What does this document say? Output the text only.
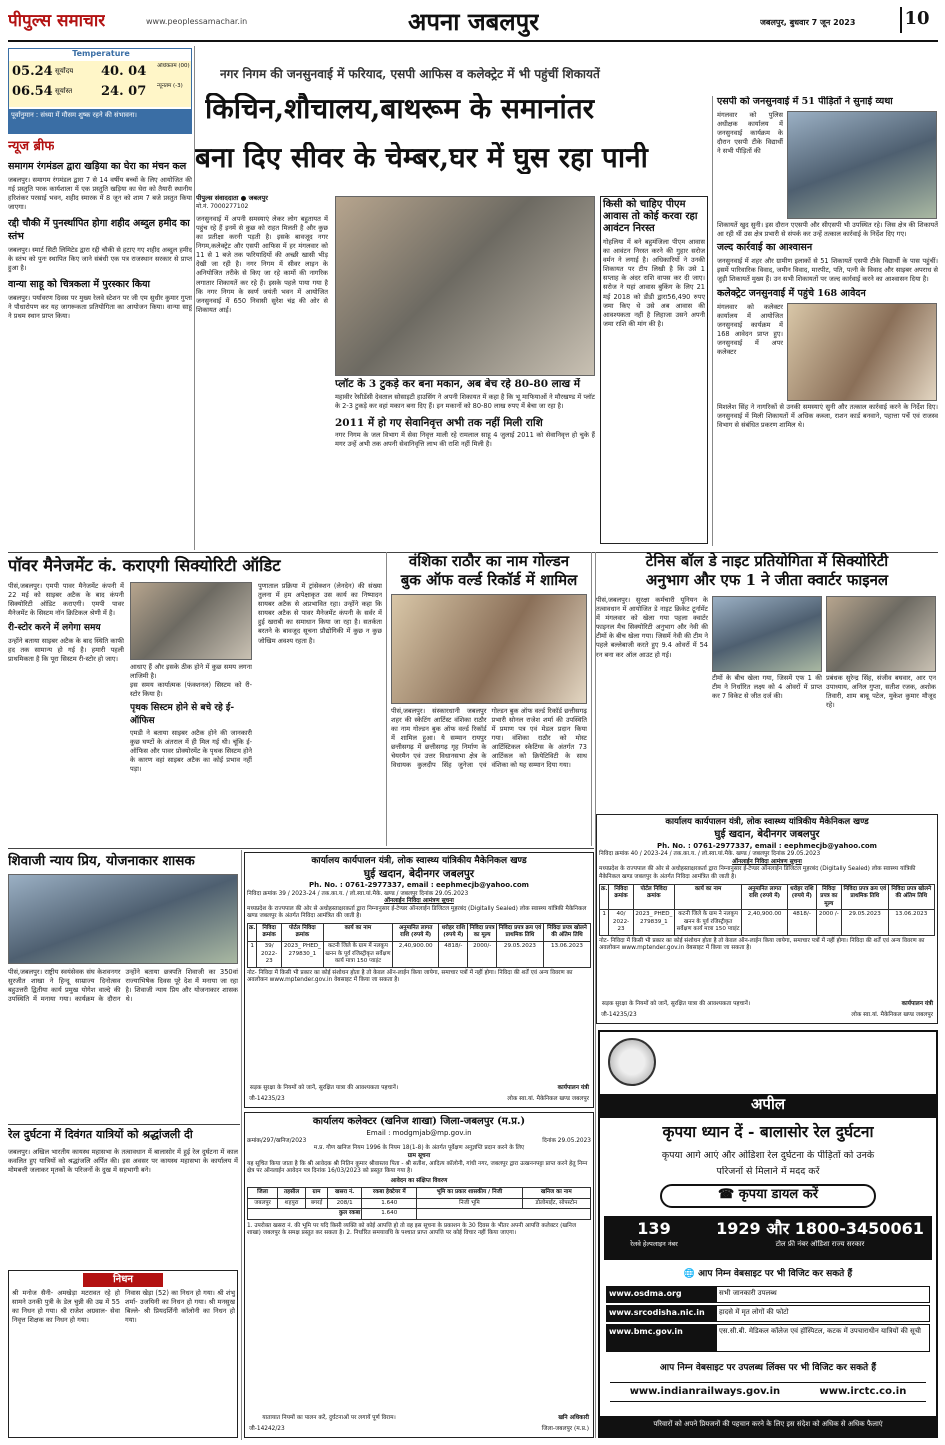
पीपुल्स समाचार	www.peoplessamachar.in	अपना जबलपुर	जबलपुर, बुधवार 7 जून 2023	10
Temperature
05.24 सूर्योदय
06.54 सूर्यास्त
40. 04 अधिकतम (00)
24. 07 न्यूनतम (-3)
पूर्वानुमान : संध्या में मौसम शुष्क रहने की संभावना।
न्यूज ब्रीफ
समागम रंगमंडल द्वारा खड़िया का घेरा का मंचन कल
जबलपुर। समागम रंगमंडल द्वारा 7 से 14 वर्षीय बच्चों के लिए आयोजित की गई प्रस्तुति परक कार्यशाला में एक प्रस्तुति खड़िया का घेरा को तैयारी स्थानीय हरिशंकर परसाई भवन, शहीद स्मारक में 8 जून को शाम 7 बजे प्रस्तुत किया जाएगा।
रद्दी चौकी में पुनर्स्थापित होगा शहीद अब्दुल हमीद का स्तंभ
जबलपुर। स्मार्ट सिटी लिमिटेड द्वारा रद्दी चौकी से हटाए गए शहीद अब्दुल हमीद के स्तंभ को पुनः स्थापित किए जाने संबंधी एक पत्र राजस्थान सरकार से प्राप्त हुआ है।
वान्या साहू को चित्रकला में पुरस्कार किया
जबलपुर। पर्यावरण दिवस पर मुख्य रेलवे स्टेशन पर जी एम सुधीर कुमार गुप्ता ने पौधारोपण कर यह जागरूकता प्रतियोगिता का आयोजन किया। वान्या साहू ने प्रथम स्थान प्राप्त किया।
नगर निगम की जनसुनवाई में फरियाद, एसपी आफिस व कलेक्ट्रेट में भी पहुंचीं शिकायतें
किचिन,शौचालय,बाथरूम के समानांतर
बना दिए सीवर के चेम्बर,घर में घुस रहा पानी
पीपुल्स संवाददाता ● जबलपुर
मो.नं. 7000277102
जनसुनवाई में अपनी समस्याएं लेकर लोग बहुतायत में पहुंच रहे हैं इनमें से कुछ को राहत मिलती है और कुछ का प्रतीक्षा करनी पड़ती है। इसके बावजूद नगर निगम,कलेक्ट्रेट और एसपी आफिस में हर मंगलवार को 11 से 1 बजे तक फरियादियों की अच्छी खासी भीड़ देखी जा रही है। नगर निगम में सीवर लाइन के अनियोजित तरीके से किए जा रहे कामों की नागरिक लगातार शिकायतें कर रहे हैं। इसके पहले पाया गया है कि नगर निगम के स्वर्ण जयंती भवन में आयोजित जनसुनवाई में 650 निवासी सुरेश चंद्र की ओर से शिकायत आई।
किसी को चाहिए पीएम आवास तो कोई करवा रहा आवंटन निरस्त
गोहलिया में बने बहुमंजिला पीएम आवास का आवंटन निरस्त करने की गुहार सरोज वर्मन ने लगाई है। अधिकारियों ने उनकी शिकायत पर टीप लिखी है कि उसे 1 सप्ताह के अंदर राशि वापस कर दी जाए। सरोज ने यहां आवास बुकिंग के लिए 21 मई 2018 को डीडी द्वारा56,490 रुपए जमा किए थे उसे अब आवास की आवश्यकता नहीं है लिहाजा उसने अपनी जमा राशि की मांग की है।
प्लॉट के 3 टुकड़े कर बना मकान, अब बेच रहे 80-80 लाख में
महावीर रेसीडेंसी देवताल सोसाइटी हाउसिंग ने अपनी शिकायत में कहा है कि भू माफियाओं ने मौरखण्ड में प्लॉट के 2-3 टुकड़े कर वहां मकान बना दिए हैं। इन मकानों को 80-80 लाख रुपए में बेचा जा रहा है।
2011 में हो गए सेवानिवृत्त अभी तक नहीं मिली राशि
नगर निगम के जल विभाग में सेवा निवृत्त माली रहे रामलाल साहू 4 जुलाई 2011 को सेवानिवृत्त हो चुके हैं मगर उन्हें अभी तक अपनी सेवानिवृत्ति लाभ की राशि नहीं मिली है।
एसपी को जनसुनवाई में 51 पीड़ितों ने सुनाई व्यथा
मंगलवार को पुलिस अधीक्षक कार्यालय में जनसुनवाई कार्यक्रम के दौरान एसपी टीके विद्यार्थी ने सभी पीड़ितों की
शिकायतें खुद सुनी। इस दौरान एएसपी और सीएसपी भी उपस्थित रहे। जिस क्षेत्र की शिकायतें आ रही थीं उस क्षेत्र प्रभारी से संपर्क कर उन्हें तत्काल कार्रवाई के निर्देश दिए गए।
जल्द कार्रवाई का आश्वासन
जनसुनवाई में शहर और ग्रामीण इलाकों से 51 शिकायतें एसपी टीके विद्यार्थी के पास पहुंचीं। इसमें पारिवारिक विवाद, जमीन विवाद, मारपीट, पति, पत्नी के विवाद और साइबर अपराध से जुड़ी शिकायतें मुख्य हैं। उन सभी शिकायतों पर जल्द कार्रवाई करने का आश्वासन दिया है।
कलेक्ट्रेट जनसुनवाई में पहुंचे 168 आवेदन
मंगलवार को कलेक्टर कार्यालय में आयोजित जनसुनवाई कार्यक्रम में 168 आवेदन प्राप्त हुए। जनसुनवाई में अपर कलेक्टर
मिशलेश सिंह ने नागरिकों से उनकी समस्याएं सुनी और तत्काल कार्रवाई करने के निर्देश दिए। जनसुनवाई में मिली शिकायतों में अधिक कब्जा, राशन कार्ड बनवाने, पहात्ता पर्चे एवं राजस्व विभाग से संबंधित प्रकरण शामिल थे।
पॉवर मैनेजमेंट कं. कराएगी सिक्योरिटी ऑडिट
पीसं,जबलपुर। एमपी पावर मैनेजमेंट कंपनी में 22 मई को साइबर अटैक के बाद कंपनी सिक्योरिटी ऑडिट कराएगी। एमपी पावर मैनेजमेंट के सिस्टम नॉन क्रिटिकल श्रेणी में है।
री-स्टोर करने में लगेगा समय
उन्होंने बताया साइबर अटैक के बाद स्थिति काफी हद तक सामान्य हो गई है। हमारी पहली प्राथमिकता है कि पूरा सिस्टम री-स्टोर हो जाए।
आधाए हैं और इसके ठीक होने में कुछ समय लगना लाजिमी है।
इस समय कार्यात्मक (फंक्शनल) सिस्टम को री-स्टोर किया है।
पृथक सिस्टम होने से बचे रहे ई-ऑफिस
एमडी ने बताया साइबर अटैक होने की जानकारी कुछ घण्टों के अंतराल में ही मिल गई थी। चूंकि ई-ऑफिस और पावर प्रोक्योरमेंट के पृथक सिस्टम होने के कारण वहां साइबर अटैक का कोई प्रभाव नहीं पड़ा।
पुणाताल प्रक्रिया में ट्रांसेक्शन (लेनदेन) की संख्या तुलना में हम अपेक्षाकृत उस कार्य का निष्पादन सायबर अटैक से अप्रभावित रहा। उन्होंने कहा कि सायबर अटैक से पावर मैनेजमेंट कंपनी के सर्वर में हुई खराबी का समाधान किया जा रहा है। सतर्कता बरतने के बावजूद सूचना प्रौद्योगिकी में कुछ न कुछ जोखिम अवश्य रहता है।
वंशिका राठौर का नाम गोल्डन
बुक ऑफ वर्ल्ड रिकॉर्ड में शामिल
पीसं,जबलपुर। संस्कारधानी जबलपुर शहर की स्केटिंग आर्टिस्ट वंशिका राठौर का नाम गोल्डन बुक ऑफ वर्ल्ड रिकॉर्ड में शामिल हुआ। ये सम्मान रायपुर छत्तीसगढ़ में छत्तीसगढ़ गृह निर्माण के चेयरमैन एवं उत्तर विधानसभा क्षेत्र के विधायक कुलदीप सिंह जुनेजा एवं गोल्डन बुक ऑफ वर्ल्ड रिकॉर्ड छत्तीसगढ़ प्रभारी सोनल राजेश शर्मा की उपस्थिति में प्रमाण पत्र एवं मेडल प्रदान किया गया। वंशिका राठौर को मोस्ट आर्टिस्टिकल स्केटिंग्स के अंतर्गत 73 आर्टिकल को क्रियेटिविटी के साथ वंशिका को यह सम्मान दिया गया।
टेनिस बॉल डे नाइट प्रतियोगिता में सिक्योरिटी
अनुभाग और एफ 1 ने जीता क्वार्टर फाइनल
पीसं,जबलपुर। सुरक्षा कर्मचारी यूनियन के तत्वावधान में आयोजित डे नाइट क्रिकेट टूर्नामेंट में मंगलवार को खेला गया पहला क्वार्टर फाइनल मैच सिक्योरिटी अनुभाग और नेवी की टीमों के बीच खेला गया। जिसमें नेवी की टीम ने पहले बल्लेबाजी करते हुए 9.4 ओवरों में 54 रन बना कर ऑल आउट हो गई।
टीमों के बीच खेला गया, जिसमें एफ 1 की टीम ने निर्धारित लक्ष्य को 4 ओवरों में प्राप्त कर 7 विकेट से जीत दर्ज की।
प्रबंधक सुरेन्द्र सिंह, संजीव बघवार, आर एन उपाध्याय, अनिल गुप्ता, सतीश रजक, अशोक तिवारी, शाम बाबू पटेल, मुकेश कुमार मौजूद रहे।
कार्यालय कार्यपालन यंत्री, लोक स्वास्थ्य यांत्रिकीय मैकेनिकल खण्ड
घुई खदान, बेदीनगर जबलपुर
Ph. No. : 0761-2977337, email : eephmecjb@yahoo.com
निविदा क्रमांक 40 / 2023-24 / तक.का.य. / लो.स्वा.यां.मैके. खण्ड / जबलपुर दिनांक 29.05.2023
ऑनलाईन निविदा आमंत्रण सूचना
मध्यप्रदेश के राज्यपाल की ओर से अधोहस्ताक्षरकर्ता द्वारा निम्नानुसार ई-टेण्डर ऑनलाईन डिजिटल मुहरबंद (Digitally Sealed) लोक स्वास्थ्य यांत्रिकी मैकेनिकल खण्ड जबलपुर के अंतर्गत निविदा आमंत्रित की जाती है।
क्र.	निविदा क्रमांक	पोर्टल निविदा क्रमांक	कार्य का नाम	अनुमानित लागत राशि (रुपये में)	धरोहर राशि (रुपये में)	निविदा प्रपत्र का मूल्य	निविदा प्रपत्र क्रय एवं प्राथमिक तिथि	निविदा प्रपत्र खोलने की अंतिम तिथि
1	40/ 2022-23	2023_ PHED_ 279839_1	कटनी जिले के ग्राम ने नलकूप खनन के पूर्व रजिस्ट्रीकृत सर्वेक्षण कार्य मात्रा 150 प्वाइंट	2,40,900.00	4818/-	2000 /-	29.05.2023	13.06.2023
नोट- निविदा में किसी भी प्रकार का कोई संशोधन होता है तो केवल ऑन-लाईन किया जायेगा, समाचार पत्रों में नहीं होगा। निविदा की शर्तें एवं अन्य विवरण का अवलोकन www.mptender.gov.in वेबसाइट में किया जा सकता है।
सड़क सुरक्षा के नियमों को जानें, सुरक्षित यात्रा की आवश्यकता पहचानें।	कार्यपालन यंत्री
लोक स्वा.यां. मैकेनिकल खण्ड जबलपुर
जी-14235/23
शिवाजी न्याय प्रिय, योजनाकार शासक
पीसं,जबलपुर। राष्ट्रीय स्वयंसेवक संघ केशवनगर सुरजीत शाखा ने हिन्दू साम्राज्य दिनोत्सव बहुउत्तरी द्वितीया कार्य प्रमुख योगेश वाल्दे की उपस्थिति में मनाया गया। कार्यक्रम के दौरान उन्होंने बताया छत्रपति शिवाजी का 350वां राज्याभिषेक दिवस पूरे देश में मनाया जा रहा है। शिवाजी न्याय प्रिय और योजनाकार शासक थे।
रेल दुर्घटना में दिवंगत यात्रियों को श्रद्धांजली दी
जबलपुर। अखिल भारतीय कायस्थ महासभा के तत्वावधान में बालासोर में हुई रेल दुर्घटना में काल कवलित हुए यात्रियों को श्रद्धांजलि अर्पित की। इस अवसर पर कायस्थ महासभा के कार्यालय में मोमबत्ती जलाकर मृतकों के परिजनों के दुख में सहभागी बने।
निधन
श्री मनोज सैनी- अमखेड़ा मटरावत रहे हो सामने उनकी पुत्री के डेल चुन्नी की उम्र में 55 का निधन हो गया। श्री राजेश अग्रवाल- सेवा निवृत्त शिक्षक का निधन हो गया।
निवास खेड़ा (52) का निधन हो गया। श्री शंभु शर्मा- उजयिनी का निधन हो गया। श्री मनसुख बिल्ले- श्री प्रियदर्शिनी कॉलोनी का निधन हो गया।
कार्यालय कार्यपालन यंत्री, लोक स्वास्थ्य यांत्रिकीय मैकेनिकल खण्ड
घुई खदान, बेदीनगर जबलपुर
Ph. No. : 0761-2977337, email : eephmecjb@yahoo.com
निविदा क्रमांक 39 / 2023-24 / तक.का.य. / लो.स्वा.यां.मैके. खण्ड / जबलपुर दिनांक 29.05.2023
ऑनलाईन निविदा आमंत्रण सूचना
मध्यप्रदेश के राज्यपाल की ओर से अधोहस्ताक्षरकर्ता द्वारा निम्नानुसार ई-टेण्डर ऑनलाईन डिजिटल मुहरबंद (Digitally Sealed) लोक स्वास्थ्य यांत्रिकी मैकेनिकल खण्ड जबलपुर के अंतर्गत निविदा आमंत्रित की जाती है।
क्र.	निविदा क्रमांक	पोर्टल निविदा क्रमांक	कार्य का नाम	अनुमानित लागत राशि (रुपये में)	धरोहर राशि (रुपये में)	निविदा प्रपत्र का मूल्य	निविदा प्रपत्र क्रय एवं प्राथमिक तिथि	निविदा प्रपत्र खोलने की अंतिम तिथि
1	39/ 2022-23	2023_ PHED_ 279830_1	कटनी जिले के ग्राम में नलकूप खनन के पूर्व रजिस्ट्रीकृत सर्वेक्षण कार्य मात्रा 150 प्वाइंट	2,40,900.00	4818/-	2000/-	29.05.2023	13.06.2023
नोट- निविदा में किसी भी प्रकार का कोई संशोधन होता है तो केवल ऑन-लाईन किया जायेगा, समाचार पत्रों में नहीं होगा। निविदा की शर्तें एवं अन्य विवरण का अवलोकन www.mptender.gov.in वेबसाइट में किया जा सकता है।
सड़क सुरक्षा के नियमों को जानें, सुरक्षित यात्रा की आवश्यकता पहचानें।	कार्यपालन यंत्री
लोक स्वा.यां. मैकेनिकल खण्ड जबलपुर
जी-14235/23
कार्यालय कलेक्टर (खनिज शाखा) जिला-जबलपुर (म.प्र.)
Email : modgmjab@mp.gov.in
क्रमांक/297/खनिज/2023	दिनांक 29.05.2023
म.प्र. गौण खनिज नियम 1996 के नियम 18(1-8) के अंतर्गत पूर्वेक्षण अनुज्ञप्ति प्रदान करने के लिए
ग्राम सूचना
यह सूचित किया जाता है कि श्री आवेदक श्री नितिन कुमार श्रीवास्तव पिता - श्री सतीश, आदित्य कॉलोनी, गांधी नगर, जबलपुर द्वारा उत्खननपट्टा प्राप्त करने हेतु निम्न क्षेत्र पर ऑनलाईन आवेदन पत्र दिनांक 16/03/2023 को प्रस्तुत किया गया है।
आवेदन का संक्षिप्त विवरण
जिला	तहसील	ग्राम	खसरा नं.	रकबा हेक्टेयर में	भूमि का प्रकार शासकीय / निजी	खनिज का नाम
जबलपुर	शहपुरा	बगरई	208/1	1.640	निजी भूमि	डोलोमाईट, सोपस्टोन
कुल रकबा				1.640		
1. उपरोक्त खसरा नं. की भूमि पर यदि किसी व्यक्ति को कोई आपत्ति हो तो वह इस सूचना के प्रकाशन के 30 दिवस के भीतर अपनी आपत्ति कलेक्टर (खनिज शाखा) जबलपुर के समक्ष प्रस्तुत कर सकता है। 2. निर्धारित समयावधि के पश्चात प्राप्त आपत्ति पर कोई विचार नहीं किया जाएगा।
यातायात नियमों का पालन करें, दुर्घटनाओं पर लगायें पूर्ण विराम।	खनि अधिकारी
जिला-जबलपुर (म.प्र.)
जी-14242/23
अपील
कृपया ध्यान दें - बालासोर रेल दुर्घटना
कृपया आगे आएं और ओडिशा रेल दुर्घटना के पीड़ितों को उनके
परिजनों से मिलाने में मदद करें
☎ कृपया डायल करें
139
रेलवे हेल्पलाइन नंबर
1929 और 1800-3450061
टोल फ्री नंबर ओडिशा राज्य सरकार
🌐 आप निम्न वेबसाइट पर भी विजिट कर सकते हैं
www.osdma.org	सभी जानकारी उपलब्ध
www.srcodisha.nic.in	हादसे में मृत लोगों की फोटो
www.bmc.gov.in	एस.सी.बी. मेडिकल कॉलेज एवं हॉस्पिटल, कटक में उपचाराधीन यात्रियों की सूची
आप निम्न वेबसाइट पर उपलब्ध लिंक्स पर भी विजिट कर सकते हैं
www.indianrailways.gov.in	www.irctc.co.in
परिवारों को अपने प्रियजनों की पहचान करने के लिए इस संदेश को अधिक से अधिक फैलाएं
